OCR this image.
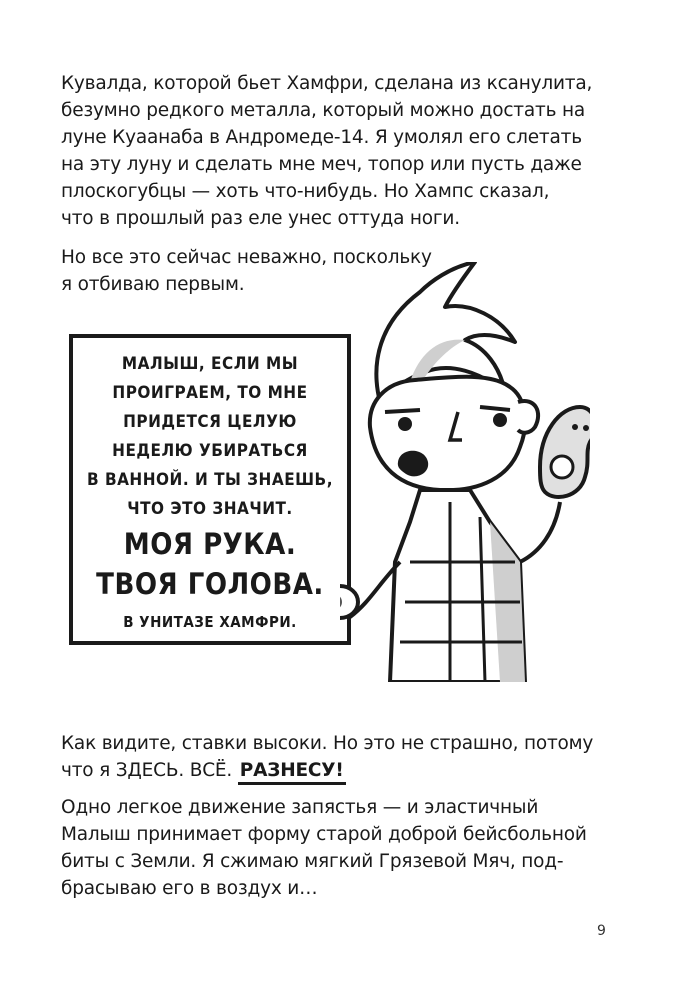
Кувалда, которой бьет Хамфри, сделана из ксанулита,
безумно редкого металла, который можно достать на
луне Куаанаба в Андромеде-14. Я умолял его слетать
на эту луну и сделать мне меч, топор или пусть даже
плоскогубцы — хоть что-нибудь. Но Хампс сказал,
что в прошлый раз еле унес оттуда ноги.

Но все это сейчас неважно, поскольку
я отбиваю первым.

МАЛЫШ, ЕСЛИ МЫ
ПРОИГРАЕМ, ТО МНЕ
ПРИДЕТСЯ ЦЕЛУЮ
НЕДЕЛЮ УБИРАТЬСЯ
В ВАННОЙ. И ТЫ ЗНАЕШЬ,
ЧТО ЭТО ЗНАЧИТ.
МОЯ РУКА.
ТВОЯ ГОЛОВА.
В УНИТАЗЕ ХАМФРИ.

Как видите, ставки высоки. Но это не страшно, потому
что я ЗДЕСЬ. ВСЁ. РАЗНЕСУ!

Одно легкое движение запястья — и эластичный
Малыш принимает форму старой доброй бейсбольной
биты с Земли. Я сжимаю мягкий Грязевой Мяч, под-
брасываю его в воздух и…

9
